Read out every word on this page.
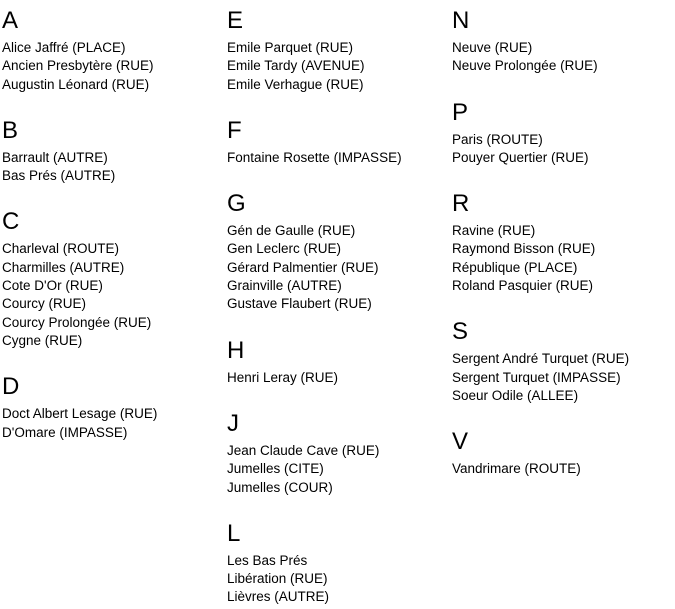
A
Alice Jaffré (PLACE)
Ancien Presbytère (RUE)
Augustin Léonard (RUE)
B
Barrault (AUTRE)
Bas Prés (AUTRE)
C
Charleval (ROUTE)
Charmilles (AUTRE)
Cote D'Or (RUE)
Courcy (RUE)
Courcy Prolongée (RUE)
Cygne (RUE)
D
Doct Albert Lesage (RUE)
D'Omare (IMPASSE)
E
Emile Parquet (RUE)
Emile Tardy (AVENUE)
Emile Verhague (RUE)
F
Fontaine Rosette (IMPASSE)
G
Gén de Gaulle (RUE)
Gen Leclerc (RUE)
Gérard Palmentier (RUE)
Grainville (AUTRE)
Gustave Flaubert (RUE)
H
Henri Leray (RUE)
J
Jean Claude Cave (RUE)
Jumelles (CITE)
Jumelles (COUR)
L
Les Bas Prés
Libération (RUE)
Lièvres (AUTRE)
N
Neuve (RUE)
Neuve Prolongée (RUE)
P
Paris (ROUTE)
Pouyer Quertier (RUE)
R
Ravine (RUE)
Raymond Bisson (RUE)
République (PLACE)
Roland Pasquier (RUE)
S
Sergent André Turquet (RUE)
Sergent Turquet (IMPASSE)
Soeur Odile (ALLEE)
V
Vandrimare (ROUTE)
